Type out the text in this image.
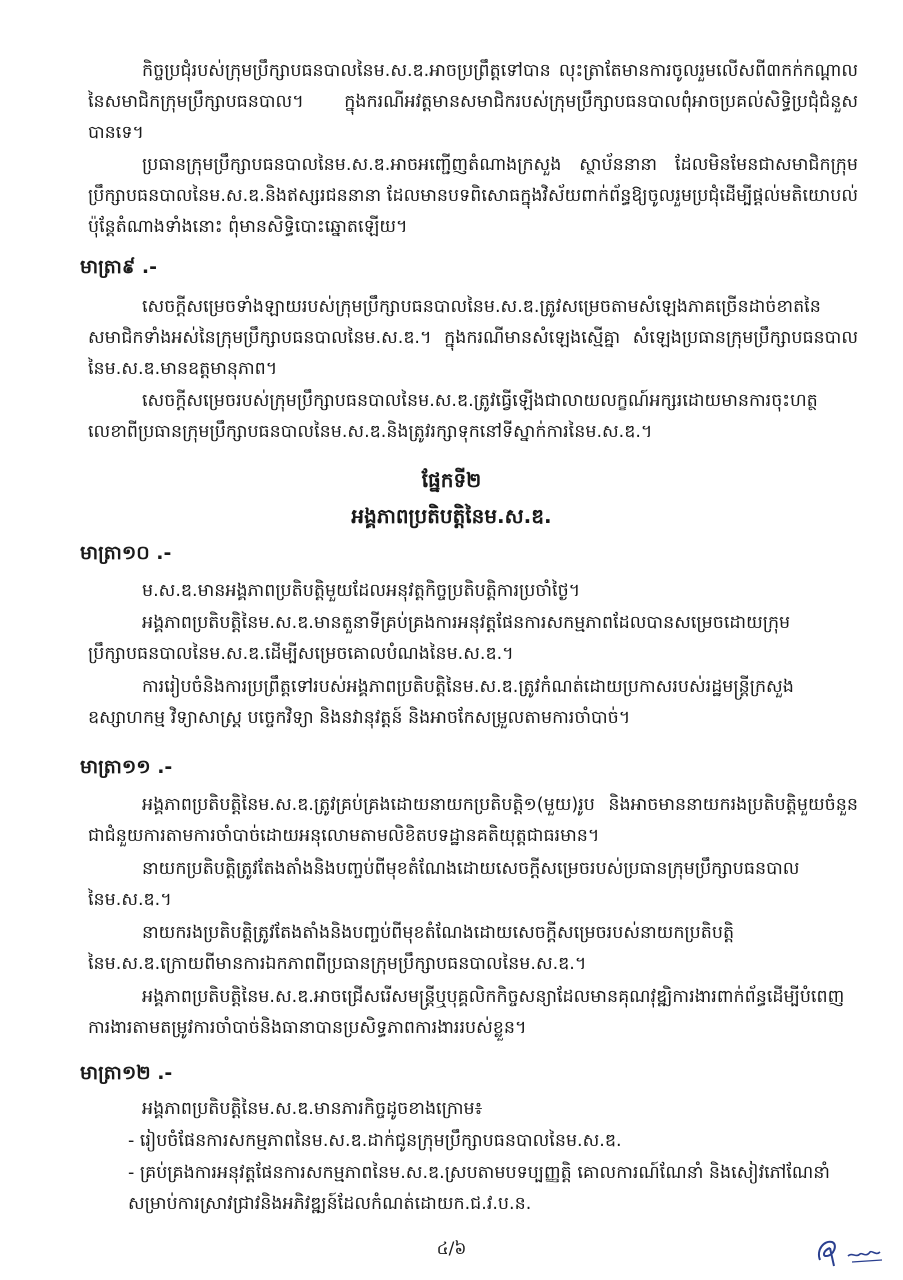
កិច្ចប្រជុំរបស់ក្រុមប្រឹក្សាបធនបាលនៃម.ស.ឌ.អាចប្រព្រឹត្តទៅបាន លុះត្រាតែមានការចូលរួមលើសពី៣កក់កណ្ដាលនៃសមាជិកក្រុមប្រឹក្សាបធនបាល។ ក្នុងករណីអវត្តមានសមាជិករបស់ក្រុមប្រឹក្សាបធនបាលពុំអាចប្រគល់សិទ្ធិប្រជុំជំនួសបានទេ។

ប្រធានក្រុមប្រឹក្សាបធនបាលនៃម.ស.ឌ.អាចអញ្ជើញតំណាងក្រសួង ស្ថាប័ននានា ដែលមិនមែនជាសមាជិកក្រុមប្រឹក្សាបធនបាលនៃម.ស.ឌ.និងឥស្សរជននានា ដែលមានបទពិសោធក្នុងវិស័យពាក់ព័ន្ធឱ្យចូលរួមប្រជុំដើម្បីផ្ដល់មតិយោបល់ ប៉ុន្តែតំណាងទាំងនោះ ពុំមានសិទ្ធិបោះឆ្នោតឡើយ។

មាត្រា៩ .-

សេចក្ដីសម្រេចទាំងឡាយរបស់ក្រុមប្រឹក្សាបធនបាលនៃម.ស.ឌ.ត្រូវសម្រេចតាមសំឡេងភាគច្រើនដាច់ខាតនៃសមាជិកទាំងអស់នៃក្រុមប្រឹក្សាបធនបាលនៃម.ស.ឌ.។ ក្នុងករណីមានសំឡេងស្មើគ្នា សំឡេងប្រធានក្រុមប្រឹក្សាបធនបាលនៃម.ស.ឌ.មានឧត្តមានុភាព។

សេចក្ដីសម្រេចរបស់ក្រុមប្រឹក្សាបធនបាលនៃម.ស.ឌ.ត្រូវធ្វើឡើងជាលាយលក្ខណ៍អក្សរដោយមានការចុះហត្ថលេខាពីប្រធានក្រុមប្រឹក្សាបធនបាលនៃម.ស.ឌ.និងត្រូវរក្សាទុកនៅទីស្នាក់ការនៃម.ស.ឌ.។

ផ្នែកទី២

អង្គភាពប្រតិបត្តិនៃម.ស.ឌ.

មាត្រា១០ .-

ម.ស.ឌ.មានអង្គភាពប្រតិបត្តិមួយដែលអនុវត្តកិច្ចប្រតិបត្តិការប្រចាំថ្ងៃ។

អង្គភាពប្រតិបត្តិនៃម.ស.ឌ.មានតួនាទីគ្រប់គ្រងការអនុវត្តផែនការសកម្មភាពដែលបានសម្រេចដោយក្រុមប្រឹក្សាបធនបាលនៃម.ស.ឌ.ដើម្បីសម្រេចគោលបំណងនៃម.ស.ឌ.។

ការរៀបចំនិងការប្រព្រឹត្តទៅរបស់អង្គភាពប្រតិបត្តិនៃម.ស.ឌ.ត្រូវកំណត់ដោយប្រកាសរបស់រដ្ឋមន្ត្រីក្រសួងឧស្សាហកម្ម វិទ្យាសាស្ត្រ បច្ចេកវិទ្យា និងនវានុវត្តន៍ និងអាចកែសម្រួលតាមការចាំបាច់។

មាត្រា១១ .-

អង្គភាពប្រតិបត្តិនៃម.ស.ឌ.ត្រូវគ្រប់គ្រងដោយនាយកប្រតិបត្តិ១(មួយ)រូប និងអាចមាននាយករងប្រតិបត្តិមួយចំនួនជាជំនួយការតាមការចាំបាច់ដោយអនុលោមតាមលិខិតបទដ្ឋានគតិយុត្តជាធរមាន។

នាយកប្រតិបត្តិត្រូវតែងតាំងនិងបញ្ចប់ពីមុខតំណែងដោយសេចក្ដីសម្រេចរបស់ប្រធានក្រុមប្រឹក្សាបធនបាលនៃម.ស.ឌ.។

នាយករងប្រតិបត្តិត្រូវតែងតាំងនិងបញ្ចប់ពីមុខតំណែងដោយសេចក្ដីសម្រេចរបស់នាយកប្រតិបត្តិនៃម.ស.ឌ.ក្រោយពីមានការឯកភាពពីប្រធានក្រុមប្រឹក្សាបធនបាលនៃម.ស.ឌ.។

អង្គភាពប្រតិបត្តិនៃម.ស.ឌ.អាចជ្រើសរើសមន្ត្រីឬបុគ្គលិកកិច្ចសន្យាដែលមានគុណវុឌ្ឍិការងារពាក់ព័ន្ធដើម្បីបំពេញការងារតាមតម្រូវការចាំបាច់និងធានាបានប្រសិទ្ធភាពការងាររបស់ខ្លួន។

មាត្រា១២ .-

អង្គភាពប្រតិបត្តិនៃម.ស.ឌ.មានភារកិច្ចដូចខាងក្រោម៖

- រៀបចំផែនការសកម្មភាពនៃម.ស.ឌ.ដាក់ជូនក្រុមប្រឹក្សាបធនបាលនៃម.ស.ឌ.

- គ្រប់គ្រងការអនុវត្តផែនការសកម្មភាពនៃម.ស.ឌ.ស្របតាមបទប្បញ្ញត្តិ គោលការណ៍ណែនាំ និងសៀវភៅណែនាំសម្រាប់ការស្រាវជ្រាវនិងអភិវឌ្ឍន៍ដែលកំណត់ដោយក.ជ.វ.ប.ន.

៤/៦
